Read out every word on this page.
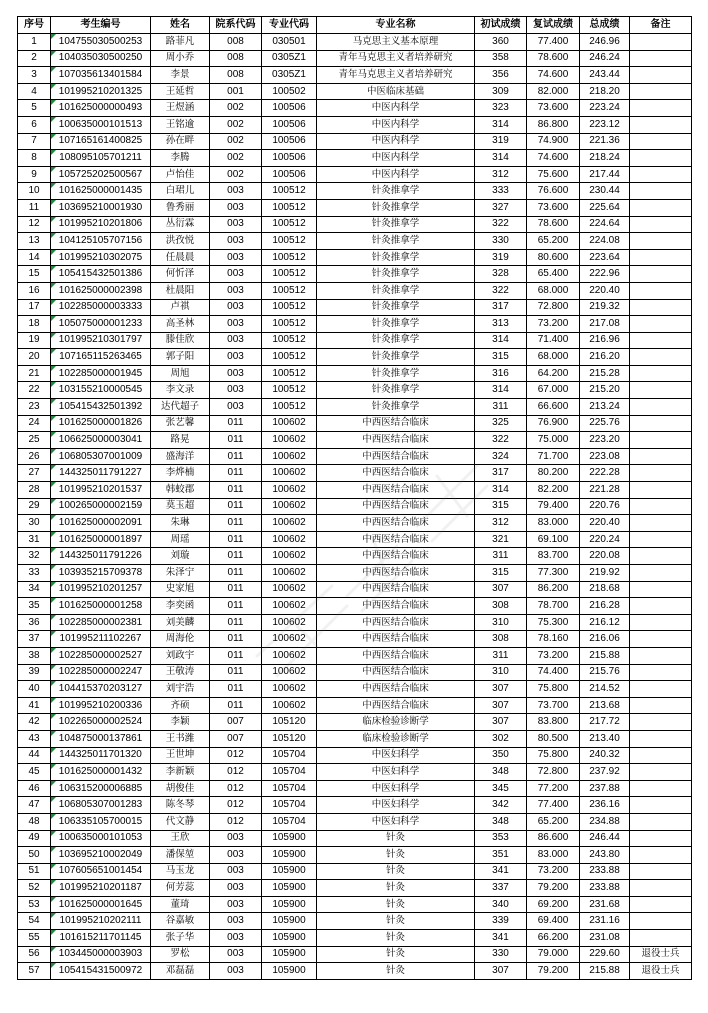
序号	考生编号	姓名	院系代码	专业代码	专业名称	初试成绩	复试成绩	总成绩	备注
1	104755030500253	路菲凡	008	030501	马克思主义基本原理	360	77.400	246.96	
2	104035030500250	周小乔	008	0305Z1	青年马克思主义者培养研究	358	78.600	246.24	
3	107035613401584	李景	008	0305Z1	青年马克思主义者培养研究	356	74.600	243.44	
4	101995210201325	王延哲	001	100502	中医临床基础	309	82.000	218.20	
5	101625000000493	王煜涵	002	100506	中医内科学	323	73.600	223.24	
6	100635000101513	王铭逾	002	100506	中医内科学	314	86.800	223.12	
7	107165161400825	孙在畔	002	100506	中医内科学	319	74.900	221.36	
8	108095105701211	李腾	002	100506	中医内科学	314	74.600	218.24	
9	105725202500567	卢怡佳	002	100506	中医内科学	312	75.600	217.44	
10	101625000001435	白珺儿	003	100512	针灸推拿学	333	76.600	230.44	
11	103695210001930	鲁秀丽	003	100512	针灸推拿学	327	73.600	225.64	
12	101995210201806	丛衍霖	003	100512	针灸推拿学	322	78.600	224.64	
13	104125105707156	洪孜悦	003	100512	针灸推拿学	330	65.200	224.08	
14	101995210302075	任晨晨	003	100512	针灸推拿学	319	80.600	223.64	
15	105415432501386	何忻泽	003	100512	针灸推拿学	328	65.400	222.96	
16	101625000002398	杜晨阳	003	100512	针灸推拿学	322	68.000	220.40	
17	102285000003333	卢祺	003	100512	针灸推拿学	317	72.800	219.32	
18	105075000001233	高圣林	003	100512	针灸推拿学	313	73.200	217.08	
19	101995210301797	滕佳欣	003	100512	针灸推拿学	314	71.400	216.96	
20	107165115263465	郭子阳	003	100512	针灸推拿学	315	68.000	216.20	
21	102285000001945	周旭	003	100512	针灸推拿学	316	64.200	215.28	
22	103155210000545	李文录	003	100512	针灸推拿学	314	67.000	215.20	
23	105415432501392	达代超子	003	100512	针灸推拿学	311	66.600	213.24	
24	101625000001826	张艺馨	011	100602	中西医结合临床	325	76.900	225.76	
25	106625000003041	路晃	011	100602	中西医结合临床	322	75.000	223.20	
26	106805307001009	盛海洋	011	100602	中西医结合临床	324	71.700	223.08	
27	144325011791227	李烨楠	011	100602	中西医结合临床	317	80.200	222.28	
28	101995210201537	韩蛟郡	011	100602	中西医结合临床	314	82.200	221.28	
29	100265000002159	莫玉超	011	100602	中西医结合临床	315	79.400	220.76	
30	101625000002091	朱琳	011	100602	中西医结合临床	312	83.000	220.40	
31	101625000001897	周瑶	011	100602	中西医结合临床	321	69.100	220.24	
32	144325011791226	刘璇	011	100602	中西医结合临床	311	83.700	220.08	
33	103935215709378	朱泽宁	011	100602	中西医结合临床	315	77.300	219.92	
34	101995210201257	史家旭	011	100602	中西医结合临床	307	86.200	218.68	
35	101625000001258	李奕函	011	100602	中西医结合临床	308	78.700	216.28	
36	102285000002381	刘美麟	011	100602	中西医结合临床	310	75.300	216.12	
37	101995211102267	周海伦	011	100602	中西医结合临床	308	78.160	216.06	
38	102285000002527	刘政宇	011	100602	中西医结合临床	311	73.200	215.88	
39	102285000002247	王敬涛	011	100602	中西医结合临床	310	74.400	215.76	
40	104415370203127	刘宇浩	011	100602	中西医结合临床	307	75.800	214.52	
41	101995210200336	齐硕	011	100602	中西医结合临床	307	73.700	213.68	
42	102265000002524	李颖	007	105120	临床检验诊断学	307	83.800	217.72	
43	104875000137861	王书潍	007	105120	临床检验诊断学	302	80.500	213.40	
44	144325011701320	王世坤	012	105704	中医妇科学	350	75.800	240.32	
45	101625000001432	李新颖	012	105704	中医妇科学	348	72.800	237.92	
46	106315200006885	胡俊佳	012	105704	中医妇科学	345	77.200	237.88	
47	106805307001283	陈冬琴	012	105704	中医妇科学	342	77.400	236.16	
48	106335105700015	代文静	012	105704	中医妇科学	348	65.200	234.88	
49	100635000101053	王欣	003	105900	针灸	353	86.600	246.44	
50	103695210002049	潘保堃	003	105900	针灸	351	83.000	243.80	
51	107605651001454	马玉龙	003	105900	针灸	341	73.200	233.88	
52	101995210201187	何芳蕊	003	105900	针灸	337	79.200	233.88	
53	101625000001645	董琦	003	105900	针灸	340	69.200	231.68	
54	101995210202111	谷嘉敏	003	105900	针灸	339	69.400	231.16	
55	101615211701145	张子华	003	105900	针灸	341	66.200	231.08	
56	103445000003903	罗松	003	105900	针灸	330	79.000	229.60	退役士兵
57	105415431500972	邓磊磊	003	105900	针灸	307	79.200	215.88	退役士兵
